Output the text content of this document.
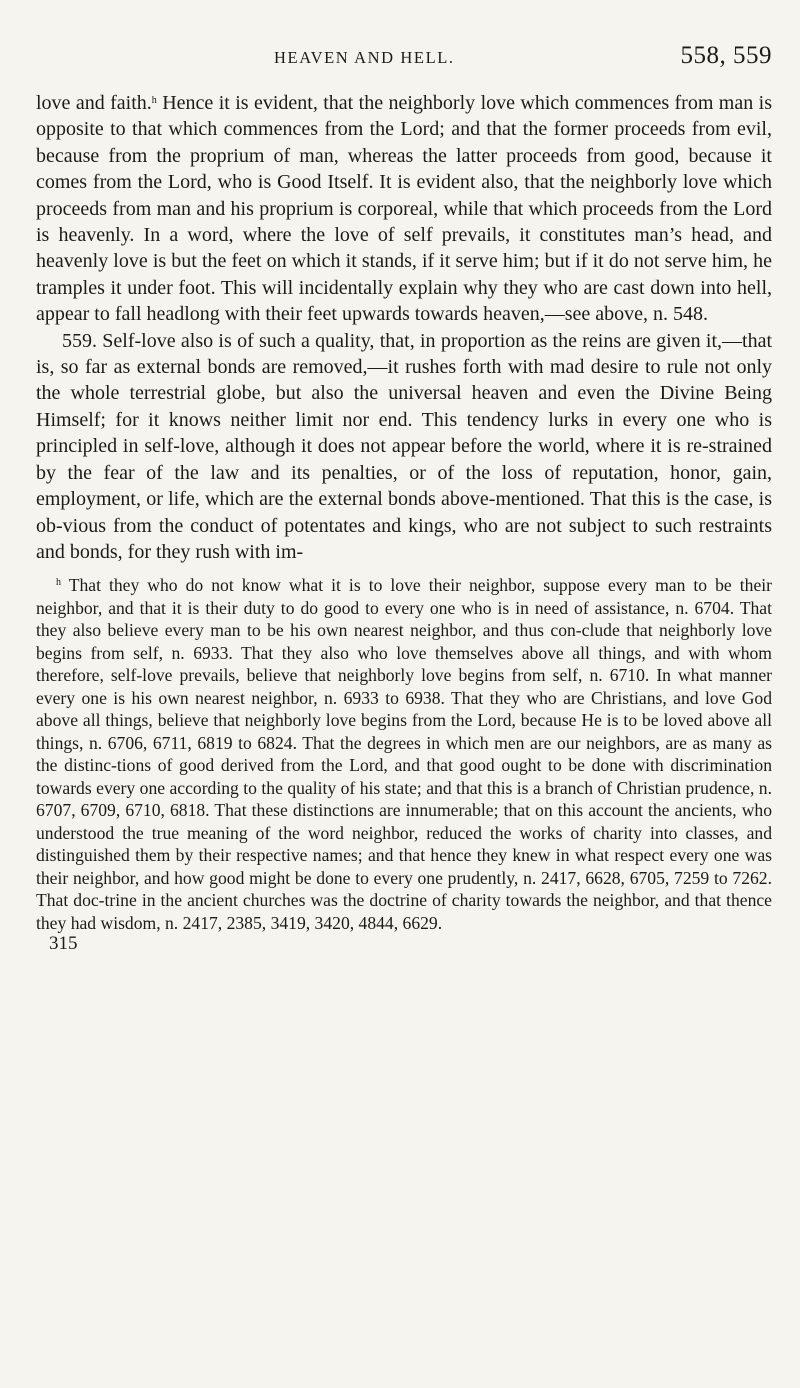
HEAVEN AND HELL.	558, 559

love and faith.$^h$ Hence it is evident, that the neighborly love which commences from man is opposite to that which commences from the Lord; and that the former proceeds from evil, because from the proprium of man, whereas the latter proceeds from good, because it comes from the Lord, who is Good Itself. It is evident also, that the neighborly love which proceeds from man and his proprium is corporeal, while that which proceeds from the Lord is heavenly. In a word, where the love of self prevails, it constitutes man’s head, and heavenly love is but the feet on which it stands, if it serve him; but if it do not serve him, he tramples it under foot. This will incidentally explain why they who are cast down into hell, appear to fall headlong with their feet upwards towards heaven,—see above, n. 548.

559. Self-love also is of such a quality, that, in proportion as the reins are given it,—that is, so far as external bonds are removed,—it rushes forth with mad desire to rule not only the whole terrestrial globe, but also the universal heaven and even the Divine Being Himself; for it knows neither limit nor end. This tendency lurks in every one who is principled in self-love, although it does not appear before the world, where it is re-strained by the fear of the law and its penalties, or of the loss of reputation, honor, gain, employment, or life, which are the external bonds above-mentioned. That this is the case, is ob-vious from the conduct of potentates and kings, who are not subject to such restraints and bonds, for they rush with im-

$^h$ That they who do not know what it is to love their neighbor, suppose every man to be their neighbor, and that it is their duty to do good to every one who is in need of assistance, n. 6704. That they also believe every man to be his own nearest neighbor, and thus con-clude that neighborly love begins from self, n. 6933. That they also who love themselves above all things, and with whom therefore, self-love prevails, believe that neighborly love begins from self, n. 6710. In what manner every one is his own nearest neighbor, n. 6933 to 6938. That they who are Christians, and love God above all things, believe that neighborly love begins from the Lord, because He is to be loved above all things, n. 6706, 6711, 6819 to 6824. That the degrees in which men are our neighbors, are as many as the distinc-tions of good derived from the Lord, and that good ought to be done with discrimination towards every one according to the quality of his state; and that this is a branch of Christian prudence, n. 6707, 6709, 6710, 6818. That these distinctions are innumerable; that on this account the ancients, who understood the true meaning of the word neighbor, reduced the works of charity into classes, and distinguished them by their respective names; and that hence they knew in what respect every one was their neighbor, and how good might be done to every one prudently, n. 2417, 6628, 6705, 7259 to 7262. That doc-trine in the ancient churches was the doctrine of charity towards the neighbor, and that thence they had wisdom, n. 2417, 2385, 3419, 3420, 4844, 6629.

315
